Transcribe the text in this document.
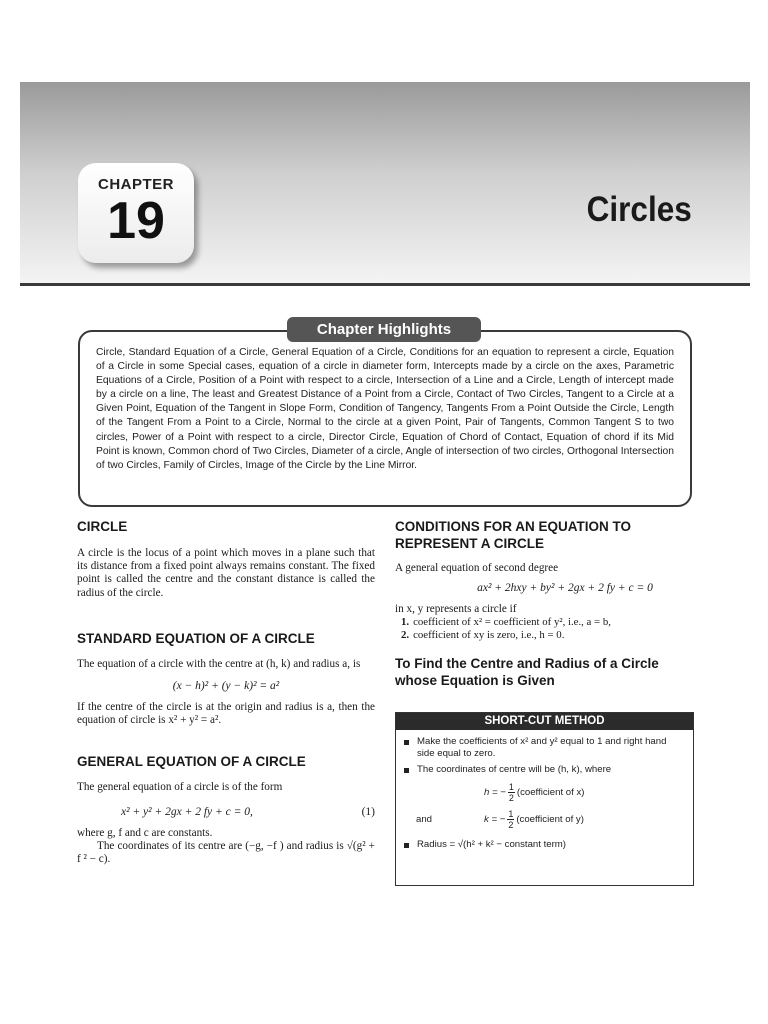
CHAPTER
19	Circles
Chapter Highlights

Circle, Standard Equation of a Circle, General Equation of a Circle, Conditions for an equation to represent a circle, Equation of a Circle in some Special cases, equation of a circle in diameter form, Intercepts made by a circle on the axes, Parametric Equations of a Circle, Position of a Point with respect to a circle, Intersection of a Line and a Circle, Length of intercept made by a circle on a line, The least and Greatest Distance of a Point from a Circle, Contact of Two Circles, Tangent to a Circle at a Given Point, Equation of the Tangent in Slope Form, Condition of Tangency, Tangents From a Point Outside the Circle, Length of the Tangent From a Point to a Circle, Normal to the circle at a given Point, Pair of Tangents, Common Tangent S to two circles, Power of a Point with respect to a circle, Director Circle, Equation of Chord of Contact, Equation of chord if its Mid Point is known, Common chord of Two Circles, Diameter of a circle, Angle of intersection of two circles, Orthogonal Intersection of two Circles, Family of Circles, Image of the Circle by the Line Mirror.

CIRCLE

A circle is the locus of a point which moves in a plane such that its distance from a fixed point always remains constant. The fixed point is called the centre and the constant distance is called the radius of the circle.

STANDARD EQUATION OF A CIRCLE

The equation of a circle with the centre at (h, k) and radius a, is

(x − h)² + (y − k)² = a²

If the centre of the circle is at the origin and radius is a, then the equation of circle is x² + y² = a².

GENERAL EQUATION OF A CIRCLE

The general equation of a circle is of the form

x² + y² + 2gx + 2 fy + c = 0,	(1)

where g, f and c are constants.

The coordinates of its centre are (−g, −f ) and radius is √(g² + f ² − c).

CONDITIONS FOR AN EQUATION TO REPRESENT A CIRCLE

A general equation of second degree

ax² + 2hxy + by² + 2gx + 2 fy + c = 0

in x, y represents a circle if

1. coefficient of x² = coefficient of y², i.e., a = b,
2. coefficient of xy is zero, i.e., h = 0.
To Find the Centre and Radius of a Circle whose Equation is Given
SHORT-CUT METHOD
Make the coefficients of x² and y² equal to 1 and right hand side equal to zero.
The coordinates of centre will be (h, k), where
h = − $\frac{1}{2}$ (coefficient of x)
and	k = − $\frac{1}{2}$ (coefficient of y)
Radius = √(h² + k² − constant term)
